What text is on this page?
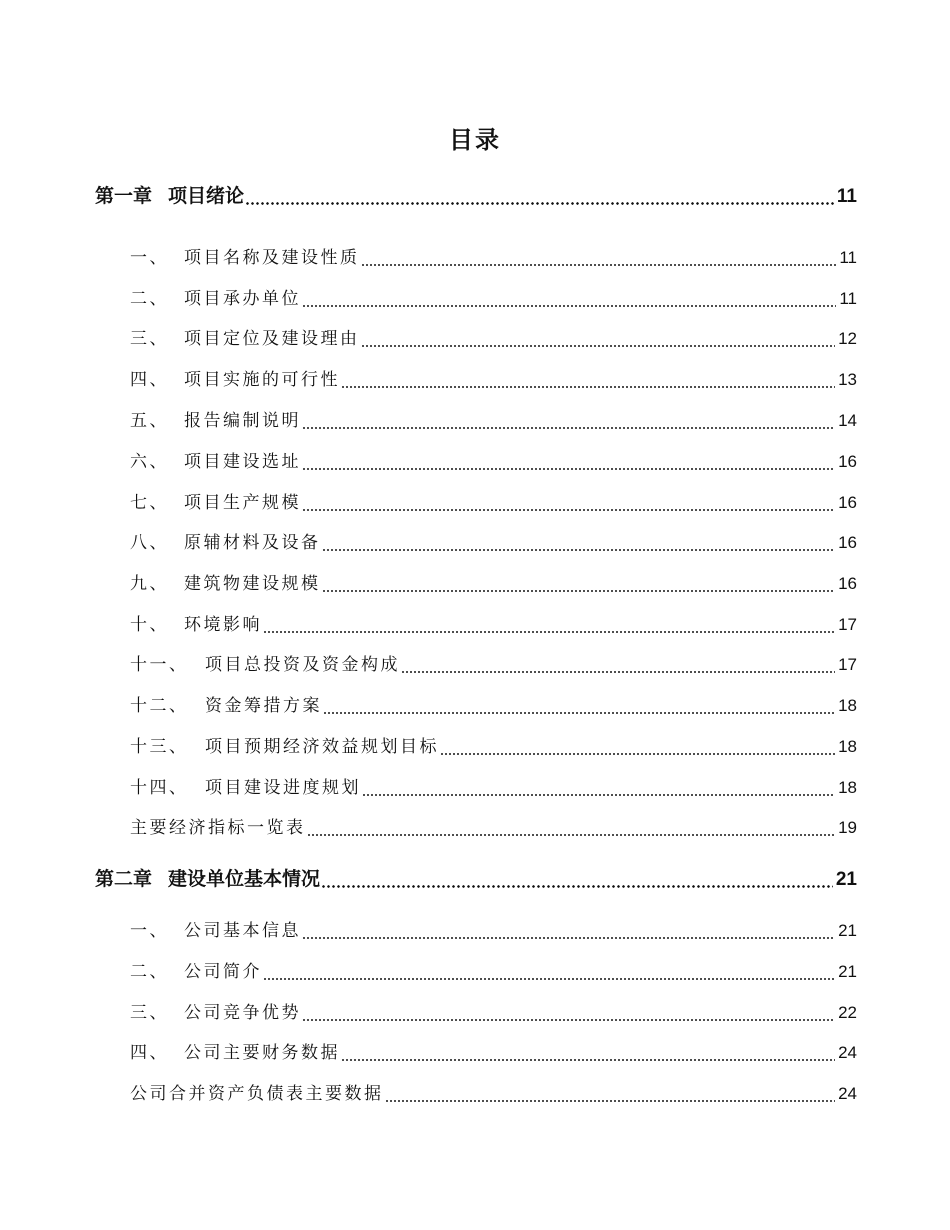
目录
第一章 项目绪论	11
一、 项目名称及建设性质	11
二、 项目承办单位	11
三、 项目定位及建设理由	12
四、 项目实施的可行性	13
五、 报告编制说明	14
六、 项目建设选址	16
七、 项目生产规模	16
八、 原辅材料及设备	16
九、 建筑物建设规模	16
十、 环境影响	17
十一、 项目总投资及资金构成	17
十二、 资金筹措方案	18
十三、 项目预期经济效益规划目标	18
十四、 项目建设进度规划	18
主要经济指标一览表	19
第二章 建设单位基本情况	21
一、 公司基本信息	21
二、 公司简介	21
三、 公司竞争优势	22
四、 公司主要财务数据	24
公司合并资产负债表主要数据	24
